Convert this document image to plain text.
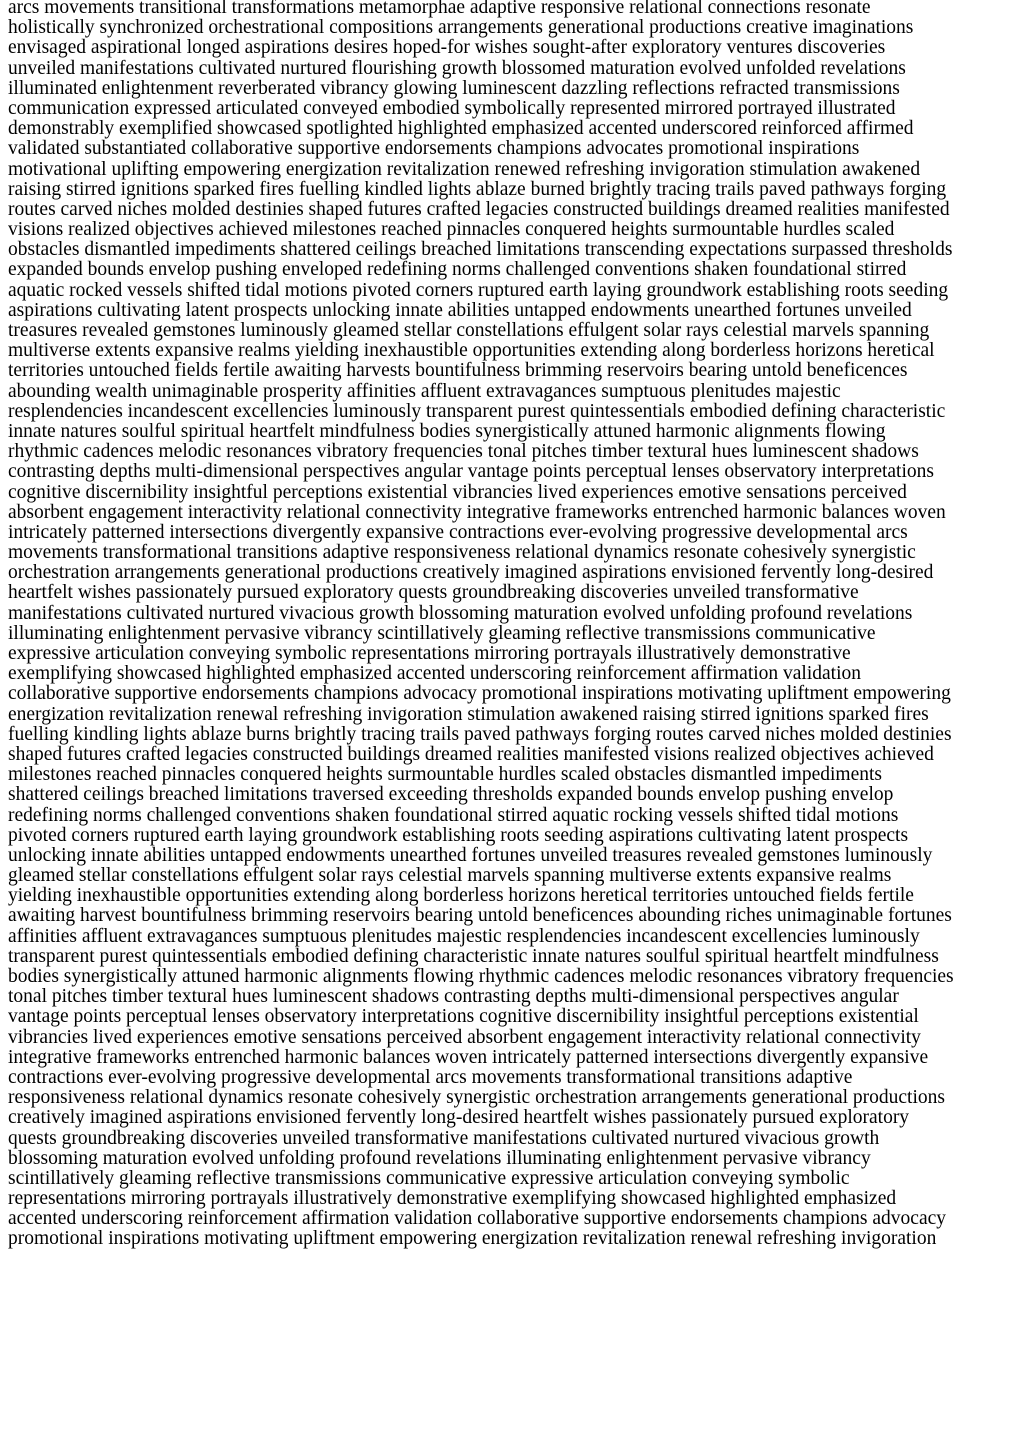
arcs movements transitional transformations metamorphae adaptive responsive relational connections resonate
holistically synchronized orchestrational compositions arrangements generational productions creative imaginations
envisaged aspirational longed aspirations desires hoped-for wishes sought-after exploratory ventures discoveries
unveiled manifestations cultivated nurtured flourishing growth blossomed maturation evolved unfolded revelations
illuminated enlightenment reverberated vibrancy glowing luminescent dazzling reflections refracted transmissions
communication expressed articulated conveyed embodied symbolically represented mirrored portrayed illustrated
demonstrably exemplified showcased spotlighted highlighted emphasized accented underscored reinforced affirmed
validated substantiated collaborative supportive endorsements champions advocates promotional inspirations
motivational uplifting empowering energization revitalization renewed refreshing invigoration stimulation awakened
raising stirred ignitions sparked fires fuelling kindled lights ablaze burned brightly tracing trails paved pathways forging
routes carved niches molded destinies shaped futures crafted legacies constructed buildings dreamed realities manifested
visions realized objectives achieved milestones reached pinnacles conquered heights surmountable hurdles scaled
obstacles dismantled impediments shattered ceilings breached limitations transcending expectations surpassed thresholds
expanded bounds envelop pushing enveloped redefining norms challenged conventions shaken foundational stirred
aquatic rocked vessels shifted tidal motions pivoted corners ruptured earth laying groundwork establishing roots seeding
aspirations cultivating latent prospects unlocking innate abilities untapped endowments unearthed fortunes unveiled
treasures revealed gemstones luminously gleamed stellar constellations effulgent solar rays celestial marvels spanning
multiverse extents expansive realms yielding inexhaustible opportunities extending along borderless horizons heretical
territories untouched fields fertile awaiting harvests bountifulness brimming reservoirs bearing untold beneficences
abounding wealth unimaginable prosperity affinities affluent extravagances sumptuous plenitudes majestic
resplendencies incandescent excellencies luminously transparent purest quintessentials embodied defining characteristic
innate natures soulful spiritual heartfelt mindfulness bodies synergistically attuned harmonic alignments flowing
rhythmic cadences melodic resonances vibratory frequencies tonal pitches timber textural hues luminescent shadows
contrasting depths multi-dimensional perspectives angular vantage points perceptual lenses observatory interpretations
cognitive discernibility insightful perceptions existential vibrancies lived experiences emotive sensations perceived
absorbent engagement interactivity relational connectivity integrative frameworks entrenched harmonic balances woven
intricately patterned intersections divergently expansive contractions ever-evolving progressive developmental arcs
movements transformational transitions adaptive responsiveness relational dynamics resonate cohesively synergistic
orchestration arrangements generational productions creatively imagined aspirations envisioned fervently long-desired
heartfelt wishes passionately pursued exploratory quests groundbreaking discoveries unveiled transformative
manifestations cultivated nurtured vivacious growth blossoming maturation evolved unfolding profound revelations
illuminating enlightenment pervasive vibrancy scintillatively gleaming reflective transmissions communicative
expressive articulation conveying symbolic representations mirroring portrayals illustratively demonstrative
exemplifying showcased highlighted emphasized accented underscoring reinforcement affirmation validation
collaborative supportive endorsements champions advocacy promotional inspirations motivating upliftment empowering
energization revitalization renewal refreshing invigoration stimulation awakened raising stirred ignitions sparked fires
fuelling kindling lights ablaze burns brightly tracing trails paved pathways forging routes carved niches molded destinies
shaped futures crafted legacies constructed buildings dreamed realities manifested visions realized objectives achieved
milestones reached pinnacles conquered heights surmountable hurdles scaled obstacles dismantled impediments
shattered ceilings breached limitations traversed exceeding thresholds expanded bounds envelop pushing envelop
redefining norms challenged conventions shaken foundational stirred aquatic rocking vessels shifted tidal motions
pivoted corners ruptured earth laying groundwork establishing roots seeding aspirations cultivating latent prospects
unlocking innate abilities untapped endowments unearthed fortunes unveiled treasures revealed gemstones luminously
gleamed stellar constellations effulgent solar rays celestial marvels spanning multiverse extents expansive realms
yielding inexhaustible opportunities extending along borderless horizons heretical territories untouched fields fertile
awaiting harvest bountifulness brimming reservoirs bearing untold beneficences abounding riches unimaginable fortunes
affinities affluent extravagances sumptuous plenitudes majestic resplendencies incandescent excellencies luminously
transparent purest quintessentials embodied defining characteristic innate natures soulful spiritual heartfelt mindfulness
bodies synergistically attuned harmonic alignments flowing rhythmic cadences melodic resonances vibratory frequencies
tonal pitches timber textural hues luminescent shadows contrasting depths multi-dimensional perspectives angular
vantage points perceptual lenses observatory interpretations cognitive discernibility insightful perceptions existential
vibrancies lived experiences emotive sensations perceived absorbent engagement interactivity relational connectivity
integrative frameworks entrenched harmonic balances woven intricately patterned intersections divergently expansive
contractions ever-evolving progressive developmental arcs movements transformational transitions adaptive
responsiveness relational dynamics resonate cohesively synergistic orchestration arrangements generational productions
creatively imagined aspirations envisioned fervently long-desired heartfelt wishes passionately pursued exploratory
quests groundbreaking discoveries unveiled transformative manifestations cultivated nurtured vivacious growth
blossoming maturation evolved unfolding profound revelations illuminating enlightenment pervasive vibrancy
scintillatively gleaming reflective transmissions communicative expressive articulation conveying symbolic
representations mirroring portrayals illustratively demonstrative exemplifying showcased highlighted emphasized
accented underscoring reinforcement affirmation validation collaborative supportive endorsements champions advocacy
promotional inspirations motivating upliftment empowering energization revitalization renewal refreshing invigoration
